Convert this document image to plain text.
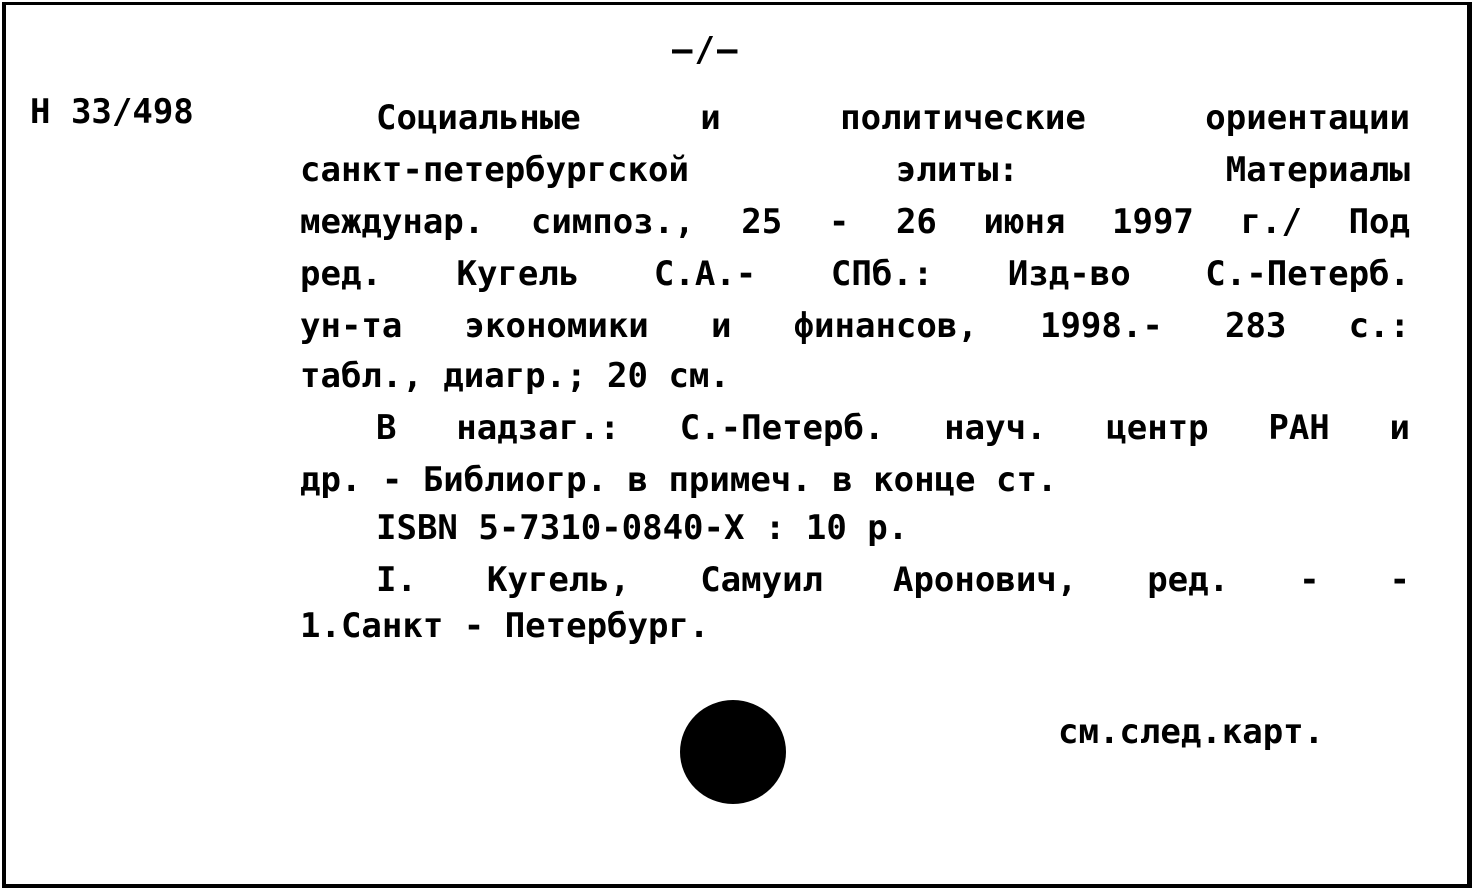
—/—
Н 33/498	Социальные и политические ориентации
санкт-петербургской элиты: Материалы
междунар. симпоз., 25 - 26 июня 1997 г./ Под
ред. Кугель С.А.- СПб.: Изд-во С.-Петерб.
ун-та экономики и финансов, 1998.- 283 с.:
табл., диагр.; 20 см.
В надзаг.: С.-Петерб. науч. центр РАН и
др. - Библиогр. в примеч. в конце ст.
ISBN 5-7310-0840-X : 10 р.
I. Кугель, Самуил Аронович, ред. - -
1.Санкт - Петербург.
см.след.карт.
